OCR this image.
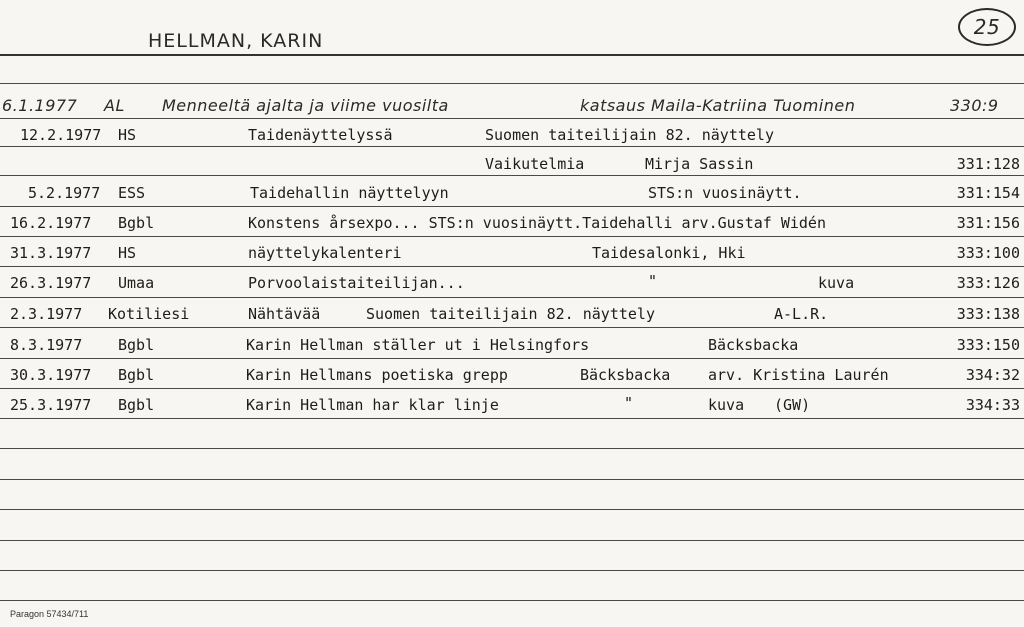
HELLMAN, KARIN
25
6.1.1977 AL Menneeltä ajalta ja viime vuosilta	katsaus Maila-Katriina Tuominen	330:9
12.2.1977 HS	Taidenäyttelyssä	Suomen taiteilijain 82. näyttely
Vaikutelmia	Mirja Sassin	331:128
5.2.1977 ESS	Taidehallin näyttelyyn	STS:n vuosinäytt.	331:154
16.2.1977 Bgbl	Konstens årsexpo... STS:n vuosinäytt.Taidehalli arv.Gustaf Widén	331:156
31.3.1977 HS	näyttelykalenteri	Taidesalonki, Hki	333:100
26.3.1977 Umaa	Porvoolaistaiteilijan...	"	kuva	333:126
2.3.1977 Kotiliesi	Nähtävää	Suomen taiteilijain 82. näyttely	A-L.R.	333:138
8.3.1977 Bgbl	Karin Hellman ställer ut i Helsingfors	Bäcksbacka	333:150
30.3.1977 Bgbl	Karin Hellmans poetiska grepp	Bäcksbacka	arv. Kristina Laurén	334:32
25.3.1977 Bgbl	Karin Hellman har klar linje	"	kuva (GW)	334:33
Paragon 57434/711
